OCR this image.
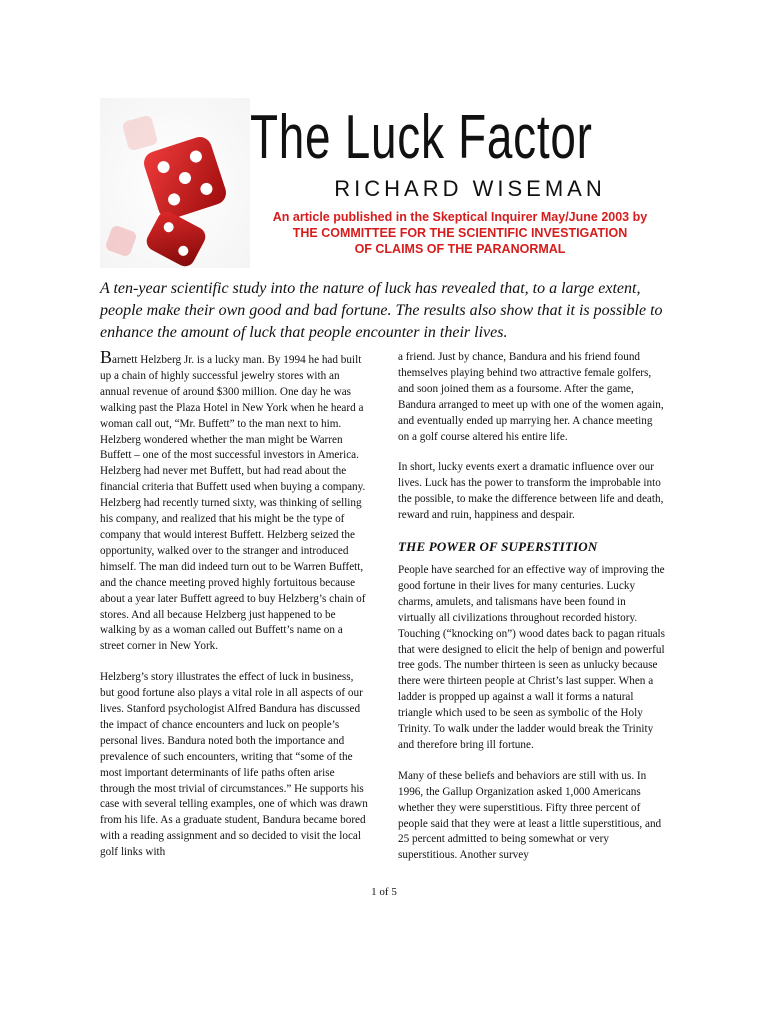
The Luck Factor
RICHARD WISEMAN
An article published in the Skeptical Inquirer May/June 2003 by
THE COMMITTEE FOR THE SCIENTIFIC INVESTIGATION
OF CLAIMS OF THE PARANORMAL
A ten-year scientific study into the nature of luck has revealed that, to a large extent, people make their own good and bad fortune. The results also show that it is possible to enhance the amount of luck that people encounter in their lives.

Barnett Helzberg Jr. is a lucky man. By 1994 he had built up a chain of highly successful jewelry stores with an annual revenue of around $300 million. One day he was walking past the Plaza Hotel in New York when he heard a woman call out, “Mr. Buffett” to the man next to him. Helzberg wondered whether the man might be Warren Buffett – one of the most successful investors in America. Helzberg had never met Buffett, but had read about the financial criteria that Buffett used when buying a company. Helzberg had recently turned sixty, was thinking of selling his company, and realized that his might be the type of company that would interest Buffett. Helzberg seized the opportunity, walked over to the stranger and introduced himself. The man did indeed turn out to be Warren Buffett, and the chance meeting proved highly fortuitous because about a year later Buffett agreed to buy Helzberg’s chain of stores. And all because Helzberg just happened to be walking by as a woman called out Buffett’s name on a street corner in New York.

Helzberg’s story illustrates the effect of luck in business, but good fortune also plays a vital role in all aspects of our lives. Stanford psychologist Alfred Bandura has discussed the impact of chance encounters and luck on people’s personal lives. Bandura noted both the importance and prevalence of such encounters, writing that “some of the most important determinants of life paths often arise through the most trivial of circumstances.” He supports his case with several telling examples, one of which was drawn from his life. As a graduate student, Bandura became bored with a reading assignment and so decided to visit the local golf links with

a friend. Just by chance, Bandura and his friend found themselves playing behind two attractive female golfers, and soon joined them as a foursome. After the game, Bandura arranged to meet up with one of the women again, and eventually ended up marrying her. A chance meeting on a golf course altered his entire life.

In short, lucky events exert a dramatic influence over our lives. Luck has the power to transform the improbable into the possible, to make the difference between life and death, reward and ruin, happiness and despair.

THE POWER OF SUPERSTITION

People have searched for an effective way of improving the good fortune in their lives for many centuries. Lucky charms, amulets, and talismans have been found in virtually all civilizations throughout recorded history. Touching (“knocking on”) wood dates back to pagan rituals that were designed to elicit the help of benign and powerful tree gods. The number thirteen is seen as unlucky because there were thirteen people at Christ’s last supper. When a ladder is propped up against a wall it forms a natural triangle which used to be seen as symbolic of the Holy Trinity. To walk under the ladder would break the Trinity and therefore bring ill fortune.

Many of these beliefs and behaviors are still with us. In 1996, the Gallup Organization asked 1,000 Americans whether they were superstitious. Fifty three percent of people said that they were at least a little superstitious, and 25 percent admitted to being somewhat or very superstitious. Another survey

1 of 5
